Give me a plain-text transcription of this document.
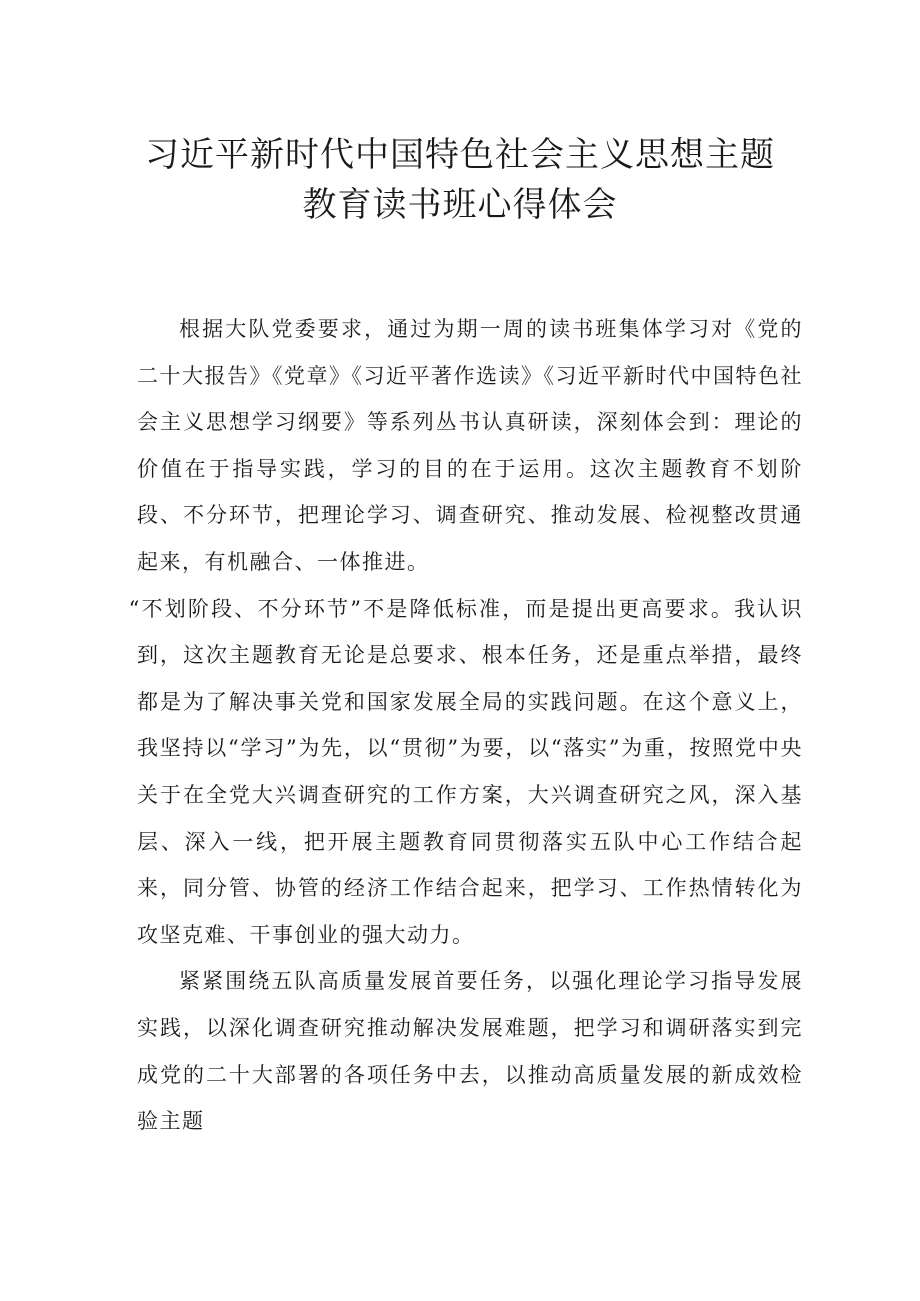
习近平新时代中国特色社会主义思想主题
教育读书班心得体会

根据大队党委要求，通过为期一周的读书班集体学习对《党的二十大报告》《党章》《习近平著作选读》《习近平新时代中国特色社会主义思想学习纲要》等系列丛书认真研读，深刻体会到：理论的价值在于指导实践，学习的目的在于运用。这次主题教育不划阶段、不分环节，把理论学习、调查研究、推动发展、检视整改贯通起来，有机融合、一体推进。

“不划阶段、不分环节”不是降低标准，而是提出更高要求。我认识到，这次主题教育无论是总要求、根本任务，还是重点举措，最终都是为了解决事关党和国家发展全局的实践问题。在这个意义上，我坚持以“学习”为先，以“贯彻”为要，以“落实”为重，按照党中央关于在全党大兴调查研究的工作方案，大兴调查研究之风，深入基层、深入一线，把开展主题教育同贯彻落实五队中心工作结合起来，同分管、协管的经济工作结合起来，把学习、工作热情转化为攻坚克难、干事创业的强大动力。

紧紧围绕五队高质量发展首要任务，以强化理论学习指导发展实践，以深化调查研究推动解决发展难题，把学习和调研落实到完成党的二十大部署的各项任务中去，以推动高质量发展的新成效检验主题
